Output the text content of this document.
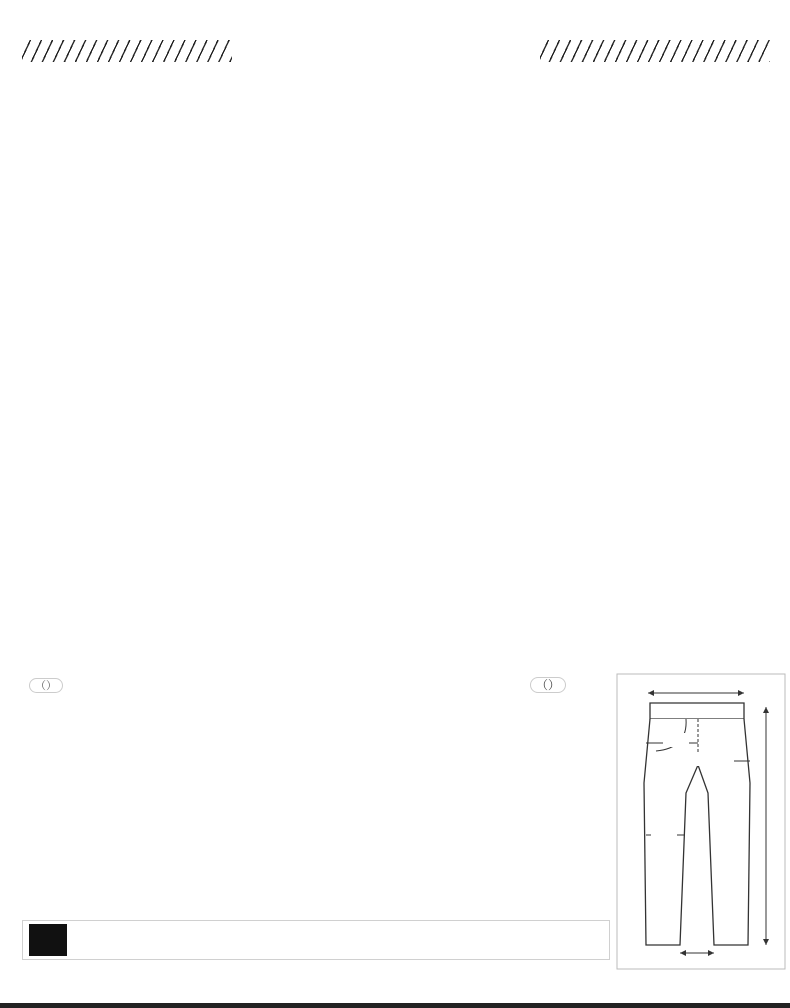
（）	（）
